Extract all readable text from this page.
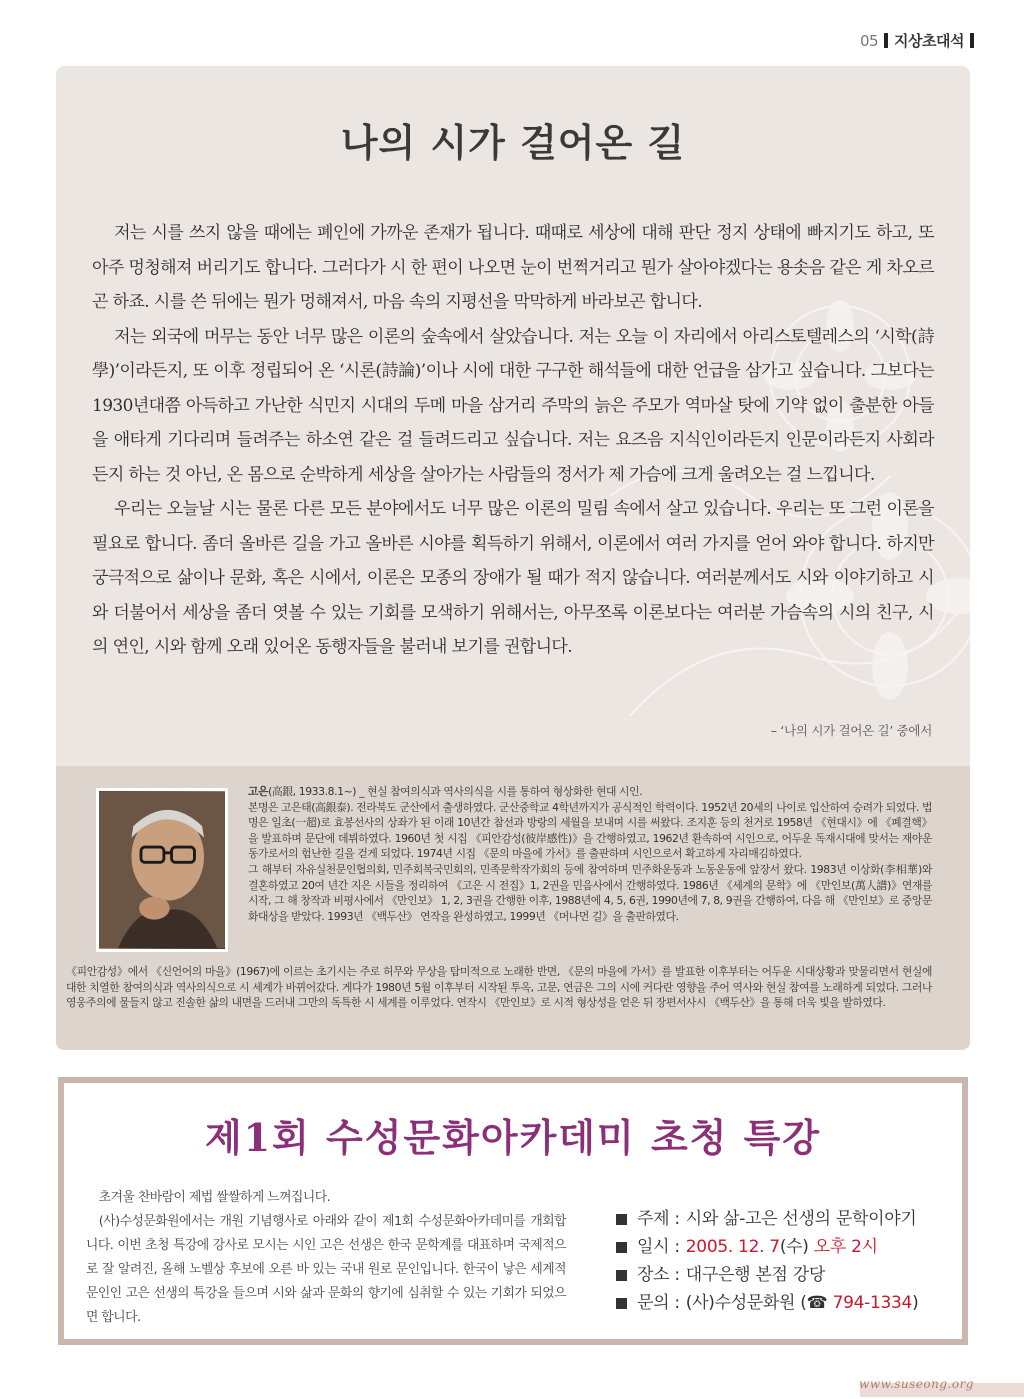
05 지상초대석
나의 시가 걸어온 길

저는 시를 쓰지 않을 때에는 폐인에 가까운 존재가 됩니다. 때때로 세상에 대해 판단 정지 상태에 빠지기도 하고, 또 아주 멍청해져 버리기도 합니다. 그러다가 시 한 편이 나오면 눈이 번쩍거리고 뭔가 살아야겠다는 용솟음 같은 게 차오르곤 하죠. 시를 쓴 뒤에는 뭔가 멍해져서, 마음 속의 지평선을 막막하게 바라보곤 합니다.

저는 외국에 머무는 동안 너무 많은 이론의 숲속에서 살았습니다. 저는 오늘 이 자리에서 아리스토텔레스의 ‘시학(詩學)’이라든지, 또 이후 정립되어 온 ‘시론(詩論)’이나 시에 대한 구구한 해석들에 대한 언급을 삼가고 싶습니다. 그보다는 1930년대쯤 아득하고 가난한 식민지 시대의 두메 마을 삼거리 주막의 늙은 주모가 역마살 탓에 기약 없이 출분한 아들을 애타게 기다리며 들려주는 하소연 같은 걸 들려드리고 싶습니다. 저는 요즈음 지식인이라든지 인문이라든지 사회라든지 하는 것 아닌, 온 몸으로 순박하게 세상을 살아가는 사람들의 정서가 제 가슴에 크게 울려오는 걸 느낍니다.

우리는 오늘날 시는 물론 다른 모든 분야에서도 너무 많은 이론의 밀림 속에서 살고 있습니다. 우리는 또 그런 이론을 필요로 합니다. 좀더 올바른 길을 가고 올바른 시야를 획득하기 위해서, 이론에서 여러 가지를 얻어 와야 합니다. 하지만 궁극적으로 삶이나 문화, 혹은 시에서, 이론은 모종의 장애가 될 때가 적지 않습니다. 여러분께서도 시와 이야기하고 시와 더불어서 세상을 좀더 엿볼 수 있는 기회를 모색하기 위해서는, 아무쪼록 이론보다는 여러분 가슴속의 시의 친구, 시의 연인, 시와 함께 오래 있어온 동행자들을 불러내 보기를 권합니다.

– ‘나의 시가 걸어온 길’ 중에서
고은(高銀, 1933.8.1~) _ 현실 참여의식과 역사의식을 시를 통하여 형상화한 현대 시인.
본명은 고은태(高銀泰). 전라북도 군산에서 출생하였다. 군산중학교 4학년까지가 공식적인 학력이다. 1952년 20세의 나이로 입산하여 승려가 되었다. 법명은 일초(一超)로 효봉선사의 상좌가 된 이래 10년간 참선과 방랑의 세월을 보내며 시를 써왔다. 조지훈 등의 천거로 1958년 《현대시》에 《폐결핵》을 발표하며 문단에 데뷔하였다. 1960년 첫 시집 《피안감성(彼岸感性)》을 간행하였고, 1962년 환속하여 시인으로, 어두운 독재시대에 맞서는 재야운동가로서의 험난한 길을 걷게 되었다. 1974년 시집 《문의 마을에 가서》를 출판하며 시인으로서 확고하게 자리매김하였다.
그 해부터 자유실천문인협의회, 민주회복국민회의, 민족문학작가회의 등에 참여하며 민주화운동과 노동운동에 앞장서 왔다. 1983년 이상화(李相華)와 결혼하였고 20여 년간 지은 시들을 정리하여 《고은 시 전집》1, 2권을 민음사에서 간행하였다. 1986년 《세계의 문학》에 《만인보(萬人譜)》연재를 시작, 그 해 창작과 비평사에서 《만인보》 1, 2, 3권을 간행한 이후, 1988년에 4, 5, 6권, 1990년에 7, 8, 9권을 간행하여, 다음 해 《만인보》로 중앙문화대상을 받았다. 1993년 《백두산》 연작을 완성하였고, 1999년 《머나먼 길》을 출판하였다.
《피안감성》에서 《신언어의 마을》(1967)에 이르는 초기시는 주로 허무와 무상을 탐미적으로 노래한 반면, 《문의 마을에 가서》를 발표한 이후부터는 어두운 시대상황과 맞물리면서 현실에 대한 치열한 참여의식과 역사의식으로 시 세계가 바뀌어갔다. 게다가 1980년 5월 이후부터 시작된 투옥, 고문, 연금은 그의 시에 커다란 영향을 주어 역사와 현실 참여를 노래하게 되었다. 그러나 영웅주의에 물들지 않고 진솔한 삶의 내면을 드러내 그만의 독특한 시 세계를 이루었다. 연작시 《만인보》로 시적 형상성을 얻은 뒤 장편서사시 《백두산》을 통해 더욱 빛을 발하였다.
제1회 수성문화아카데미 초청 특강

초겨울 찬바람이 제법 쌀쌀하게 느껴집니다.

(사)수성문화원에서는 개원 기념행사로 아래와 같이 제1회 수성문화아카데미를 개회합니다. 이번 초청 특강에 강사로 모시는 시인 고은 선생은 한국 문학계를 대표하며 국제적으로 잘 알려진, 올해 노벨상 후보에 오른 바 있는 국내 원로 문인입니다. 한국이 낳은 세계적 문인인 고은 선생의 특강을 들으며 시와 삶과 문화의 향기에 심취할 수 있는 기회가 되었으면 합니다.

주제 : 시와 삶-고은 선생의 문학이야기
일시 : 2005. 12. 7 (수)
오후 2시
장소 : 대구은행 본점 강당
문의 : (사)수성문화원 ( ☎
794-1334 )
www.suseong.org
